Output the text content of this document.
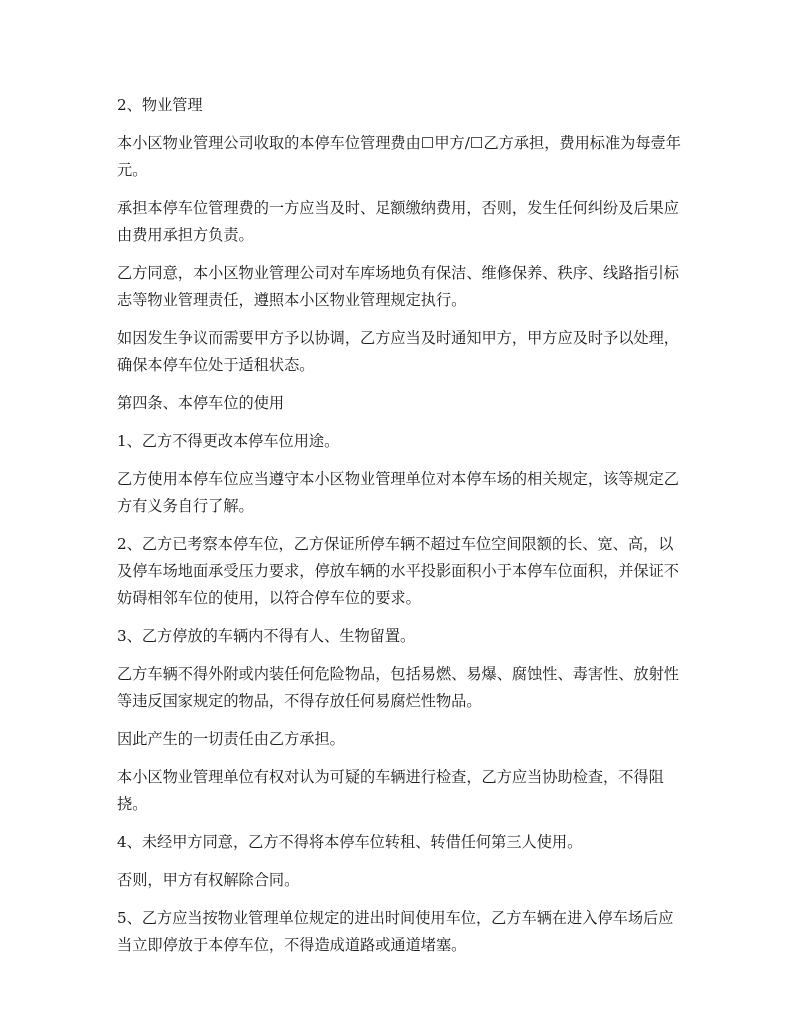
2、物业管理

本小区物业管理公司收取的本停车位管理费由☐甲方/☐乙方承担，费用标准为每壹年元。

承担本停车位管理费的一方应当及时、足额缴纳费用，否则，发生任何纠纷及后果应由费用承担方负责。

乙方同意，本小区物业管理公司对车库场地负有保洁、维修保养、秩序、线路指引标志等物业管理责任，遵照本小区物业管理规定执行。

如因发生争议而需要甲方予以协调，乙方应当及时通知甲方，甲方应及时予以处理，确保本停车位处于适租状态。

第四条、本停车位的使用

1、乙方不得更改本停车位用途。

乙方使用本停车位应当遵守本小区物业管理单位对本停车场的相关规定，该等规定乙方有义务自行了解。

2、乙方已考察本停车位，乙方保证所停车辆不超过车位空间限额的长、宽、高，以及停车场地面承受压力要求，停放车辆的水平投影面积小于本停车位面积，并保证不妨碍相邻车位的使用，以符合停车位的要求。

3、乙方停放的车辆内不得有人、生物留置。

乙方车辆不得外附或内装任何危险物品，包括易燃、易爆、腐蚀性、毒害性、放射性等违反国家规定的物品，不得存放任何易腐烂性物品。

因此产生的一切责任由乙方承担。

本小区物业管理单位有权对认为可疑的车辆进行检查，乙方应当协助检查，不得阻挠。

4、未经甲方同意，乙方不得将本停车位转租、转借任何第三人使用。

否则，甲方有权解除合同。

5、乙方应当按物业管理单位规定的进出时间使用车位，乙方车辆在进入停车场后应当立即停放于本停车位，不得造成道路或通道堵塞。
